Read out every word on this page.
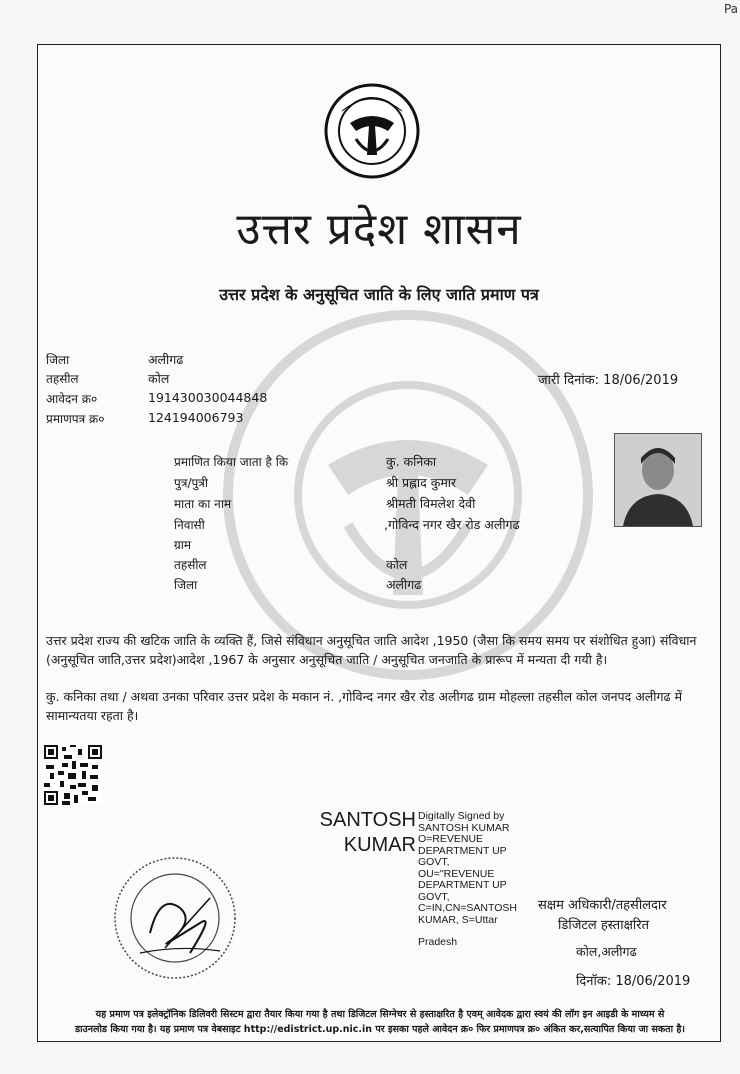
Pa
उत्तर प्रदेश शासन
उत्तर प्रदेश के अनुसूचित जाति के लिए जाति प्रमाण पत्र
जिला	अलीगढ
तहसील	कोल
आवेदन क्र०	191430030044848
प्रमाणपत्र क्र०	124194006793
जारी दिनांक: 18/06/2019
प्रमाणित किया जाता है कि	कु. कनिका
पुत्र/पुत्री	श्री प्रह्लाद कुमार
माता का नाम	श्रीमती विमलेश देवी
निवासी	,गोविन्द नगर खैर रोड अलीगढ
ग्राम
तहसील	कोल
जिला	अलीगढ
उत्तर प्रदेश राज्य की खटिक जाति के व्यक्ति हैं, जिसे संविधान अनुसूचित जाति आदेश ,1950 (जैसा कि समय समय पर संशोधित हुआ) संविधान (अनुसूचित जाति,उत्तर प्रदेश)आदेश ,1967 के अनुसार अनुसूचित जाति / अनुसूचित जनजाति के प्रारूप में मन्यता दी गयी है।
कु. कनिका तथा / अथवा उनका परिवार उत्तर प्रदेश के मकान नं. ,गोविन्द नगर खैर रोड अलीगढ ग्राम मोहल्ला तहसील कोल जनपद अलीगढ में सामान्यतया रहता है।
SANTOSH
KUMAR
Digitally Signed by
SANTOSH KUMAR
O=REVENUE
DEPARTMENT UP
GOVT,
OU="REVENUE
DEPARTMENT UP
GOVT,
C=IN,CN=SANTOSH
KUMAR, S=Uttar
Pradesh
सक्षम अधिकारी/तहसीलदार
डिजिटल हस्ताक्षरित
कोल,अलीगढ
दिनॉक: 18/06/2019
यह प्रमाण पत्र इलेक्ट्रॉनिक डिलिवरी सिस्टम द्वारा तैयार किया गया है तथा डिजिटल सिग्नेचर से हस्ताक्षरित है एवम् आवेदक द्वारा स्वयं की लॉग इन आइडी के माध्यम से
डाउनलोड किया गया है। यह प्रमाण पत्र वेबसाइट http://edistrict.up.nic.in पर इसका पहले आवेदन क्र० फिर प्रमाणपत्र क्र० अंकित कर,सत्यापित किया जा सकता है।
